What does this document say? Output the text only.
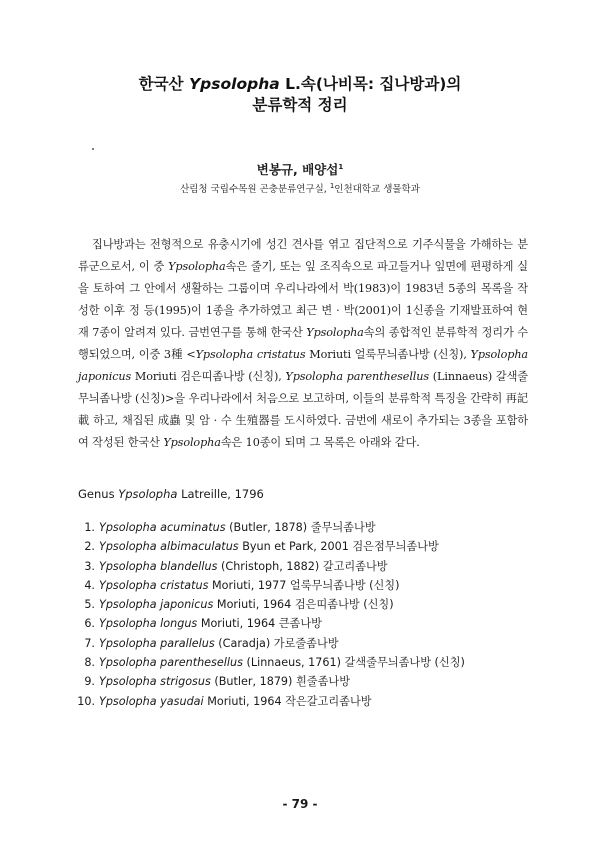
한국산 Ypsolopha L.속(나비목: 집나방과)의
분류학적 정리
변봉규, 배양섭$^1$
산림청 국립수목원 곤충분류연구실, $^1$인천대학교 생물학과
집나방과는 전형적으로 유충시기에 성긴 견사를 엮고 집단적으로 기주식물을 가해하는 분류군으로서, 이 중 Ypsolopha속은 줄기, 또는 잎 조직속으로 파고들거나 잎면에 편평하게 실을 토하여 그 안에서 생활하는 그룹이며 우리나라에서 박(1983)이 1983년 5종의 목록을 작성한 이후 정 등(1995)이 1종을 추가하였고 최근 변 · 박(2001)이 1신종을 기재발표하여 현재 7종이 알려져 있다. 금번연구를 통해 한국산 Ypsolopha속의 종합적인 분류학적 정리가 수행되었으며, 이중 3種 <Ypsolopha cristatus Moriuti 얼룩무늬좀나방 (신칭), Ypsolopha japonicus Moriuti 검은띠좀나방 (신칭), Ypsolopha parenthesellus (Linnaeus) 갈색줄무늬좀나방 (신칭)>을 우리나라에서 처음으로 보고하며, 이들의 분류학적 특징을 간략히 再記載 하고, 채집된 成蟲 및 암 · 수 生殖器를 도시하였다. 금번에 새로이 추가되는 3종을 포함하여 작성된 한국산 Ypsolopha속은 10종이 되며 그 목록은 아래와 같다.
Genus Ypsolopha Latreille, 1796
1. Ypsolopha acuminatus (Butler, 1878) 줄무늬좀나방
2. Ypsolopha albimaculatus Byun et Park, 2001 검은점무늬좀나방
3. Ypsolopha blandellus (Christoph, 1882) 갈고리좀나방
4. Ypsolopha cristatus Moriuti, 1977 얼룩무늬좀나방 (신칭)
5. Ypsolopha japonicus Moriuti, 1964 검은띠좀나방 (신칭)
6. Ypsolopha longus Moriuti, 1964 큰좀나방
7. Ypsolopha parallelus (Caradja) 가로줄좀나방
8. Ypsolopha parenthesellus (Linnaeus, 1761) 갈색줄무늬좀나방 (신칭)
9. Ypsolopha strigosus (Butler, 1879) 흰줄좀나방
10. Ypsolopha yasudai Moriuti, 1964 작은갈고리좀나방
- 79 -
